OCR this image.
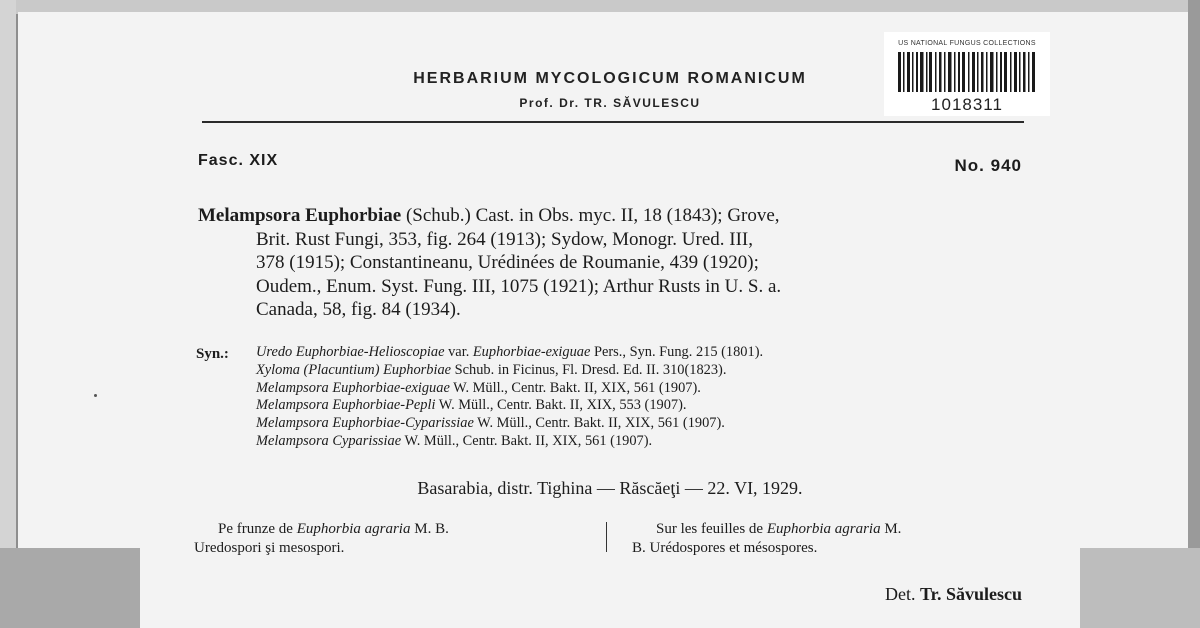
HERBARIUM MYCOLOGICUM ROMANICUM
Prof. Dr. TR. SĂVULESCU
US NATIONAL FUNGUS COLLECTIONS
1018311
Fasc. XIX	No. 940
Melampsora Euphorbiae (Schub.) Cast. in Obs. myc. II, 18 (1843); Grove,
Brit. Rust Fungi, 353, fig. 264 (1913); Sydow, Monogr. Ured. III,
378 (1915); Constantineanu, Urédinées de Roumanie, 439 (1920);
Oudem., Enum. Syst. Fung. III, 1075 (1921); Arthur Rusts in U. S. a.
Canada, 58, fig. 84 (1934).
Syn.: Uredo Euphorbiae-Helioscopiae var. Euphorbiae-exiguae Pers., Syn. Fung. 215 (1801).
Xyloma (Placuntium) Euphorbiae Schub. in Ficinus, Fl. Dresd. Ed. II. 310(1823).
Melampsora Euphorbiae-exiguae W. Müll., Centr. Bakt. II, XIX, 561 (1907).
Melampsora Euphorbiae-Pepli W. Müll., Centr. Bakt. II, XIX, 553 (1907).
Melampsora Euphorbiae-Cyparissiae W. Müll., Centr. Bakt. II, XIX, 561 (1907).
Melampsora Cyparissiae W. Müll., Centr. Bakt. II, XIX, 561 (1907).
Basarabia, distr. Tighina — Răscăeţi — 22. VI, 1929.
Pe frunze de Euphorbia agraria M. B.
Uredospori şi mesospori.
Sur les feuilles de Euphorbia agraria M.
B. Urédospores et mésospores.
Det. Tr. Săvulescu
